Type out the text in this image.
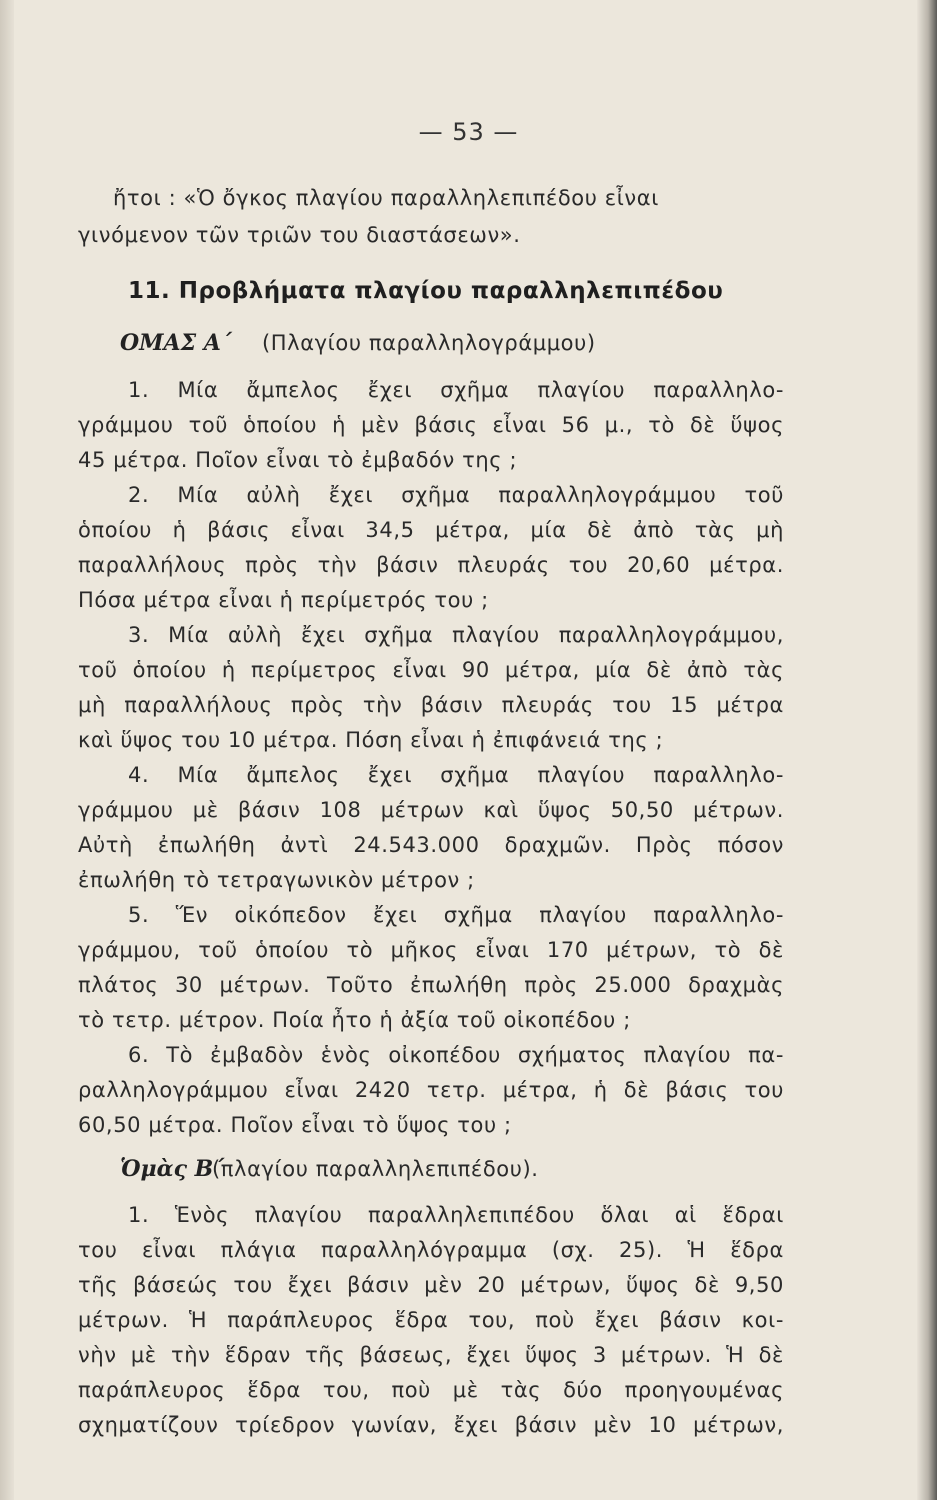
— 53 —
ἤτοι : «Ὁ ὄγκος πλαγίου παραλληλεπιπέδου εἶναι
γινόμενον τῶν τριῶν του διαστάσεων».
11. Προβλήματα πλαγίου παραλληλεπιπέδου
ΟΜΑΣ Α΄ (Πλαγίου παραλληλογράμμου)
1. Μία ἄμπελος ἔχει σχῆμα πλαγίου παραλληλο-
γράμμου τοῦ ὁποίου ἡ μὲν βάσις εἶναι 56 μ., τὸ δὲ ὕψος
45 μέτρα. Ποῖον εἶναι τὸ ἐμβαδόν της ;
2. Μία αὐλὴ ἔχει σχῆμα παραλληλογράμμου τοῦ
ὁποίου ἡ βάσις εἶναι 34,5 μέτρα, μία δὲ ἀπὸ τὰς μὴ
παραλλήλους πρὸς τὴν βάσιν πλευράς του 20,60 μέτρα.
Πόσα μέτρα εἶναι ἡ περίμετρός του ;
3. Μία αὐλὴ ἔχει σχῆμα πλαγίου παραλληλογράμμου,
τοῦ ὁποίου ἡ περίμετρος εἶναι 90 μέτρα, μία δὲ ἀπὸ τὰς
μὴ παραλλήλους πρὸς τὴν βάσιν πλευράς του 15 μέτρα
καὶ ὕψος του 10 μέτρα. Πόση εἶναι ἡ ἐπιφάνειά της ;
4. Μία ἄμπελος ἔχει σχῆμα πλαγίου παραλληλο-
γράμμου μὲ βάσιν 108 μέτρων καὶ ὕψος 50,50 μέτρων.
Αὐτὴ ἐπωλήθη ἀντὶ 24.543.000 δραχμῶν. Πρὸς πόσον
ἐπωλήθη τὸ τετραγωνικὸν μέτρον ;
5. Ἕν οἰκόπεδον ἔχει σχῆμα πλαγίου παραλληλο-
γράμμου, τοῦ ὁποίου τὸ μῆκος εἶναι 170 μέτρων, τὸ δὲ
πλάτος 30 μέτρων. Τοῦτο ἐπωλήθη πρὸς 25.000 δραχμὰς
τὸ τετρ. μέτρον. Ποία ἦτο ἡ ἀξία τοῦ οἰκοπέδου ;
6. Τὸ ἐμβαδὸν ἑνὸς οἰκοπέδου σχήματος πλαγίου πα-
ραλληλογράμμου εἶναι 2420 τετρ. μέτρα, ἡ δὲ βάσις του
60,50 μέτρα. Ποῖον εἶναι τὸ ὕψος του ;
Ὁμὰς Β΄
(πλαγίου παραλληλεπιπέδου).
1. Ἑνὸς πλαγίου παραλληλεπιπέδου ὅλαι αἱ ἕδραι
του εἶναι πλάγια παραλληλόγραμμα (σχ. 25). Ἡ ἕδρα
τῆς βάσεώς του ἔχει βάσιν μὲν 20 μέτρων, ὕψος δὲ 9,50
μέτρων. Ἡ παράπλευρος ἕδρα του, ποὺ ἔχει βάσιν κοι-
νὴν μὲ τὴν ἕδραν τῆς βάσεως, ἔχει ὕψος 3 μέτρων. Ἡ δὲ
παράπλευρος ἕδρα του, ποὺ μὲ τὰς δύο προηγουμένας
σχηματίζουν τρίεδρον γωνίαν, ἔχει βάσιν μὲν 10 μέτρων,
